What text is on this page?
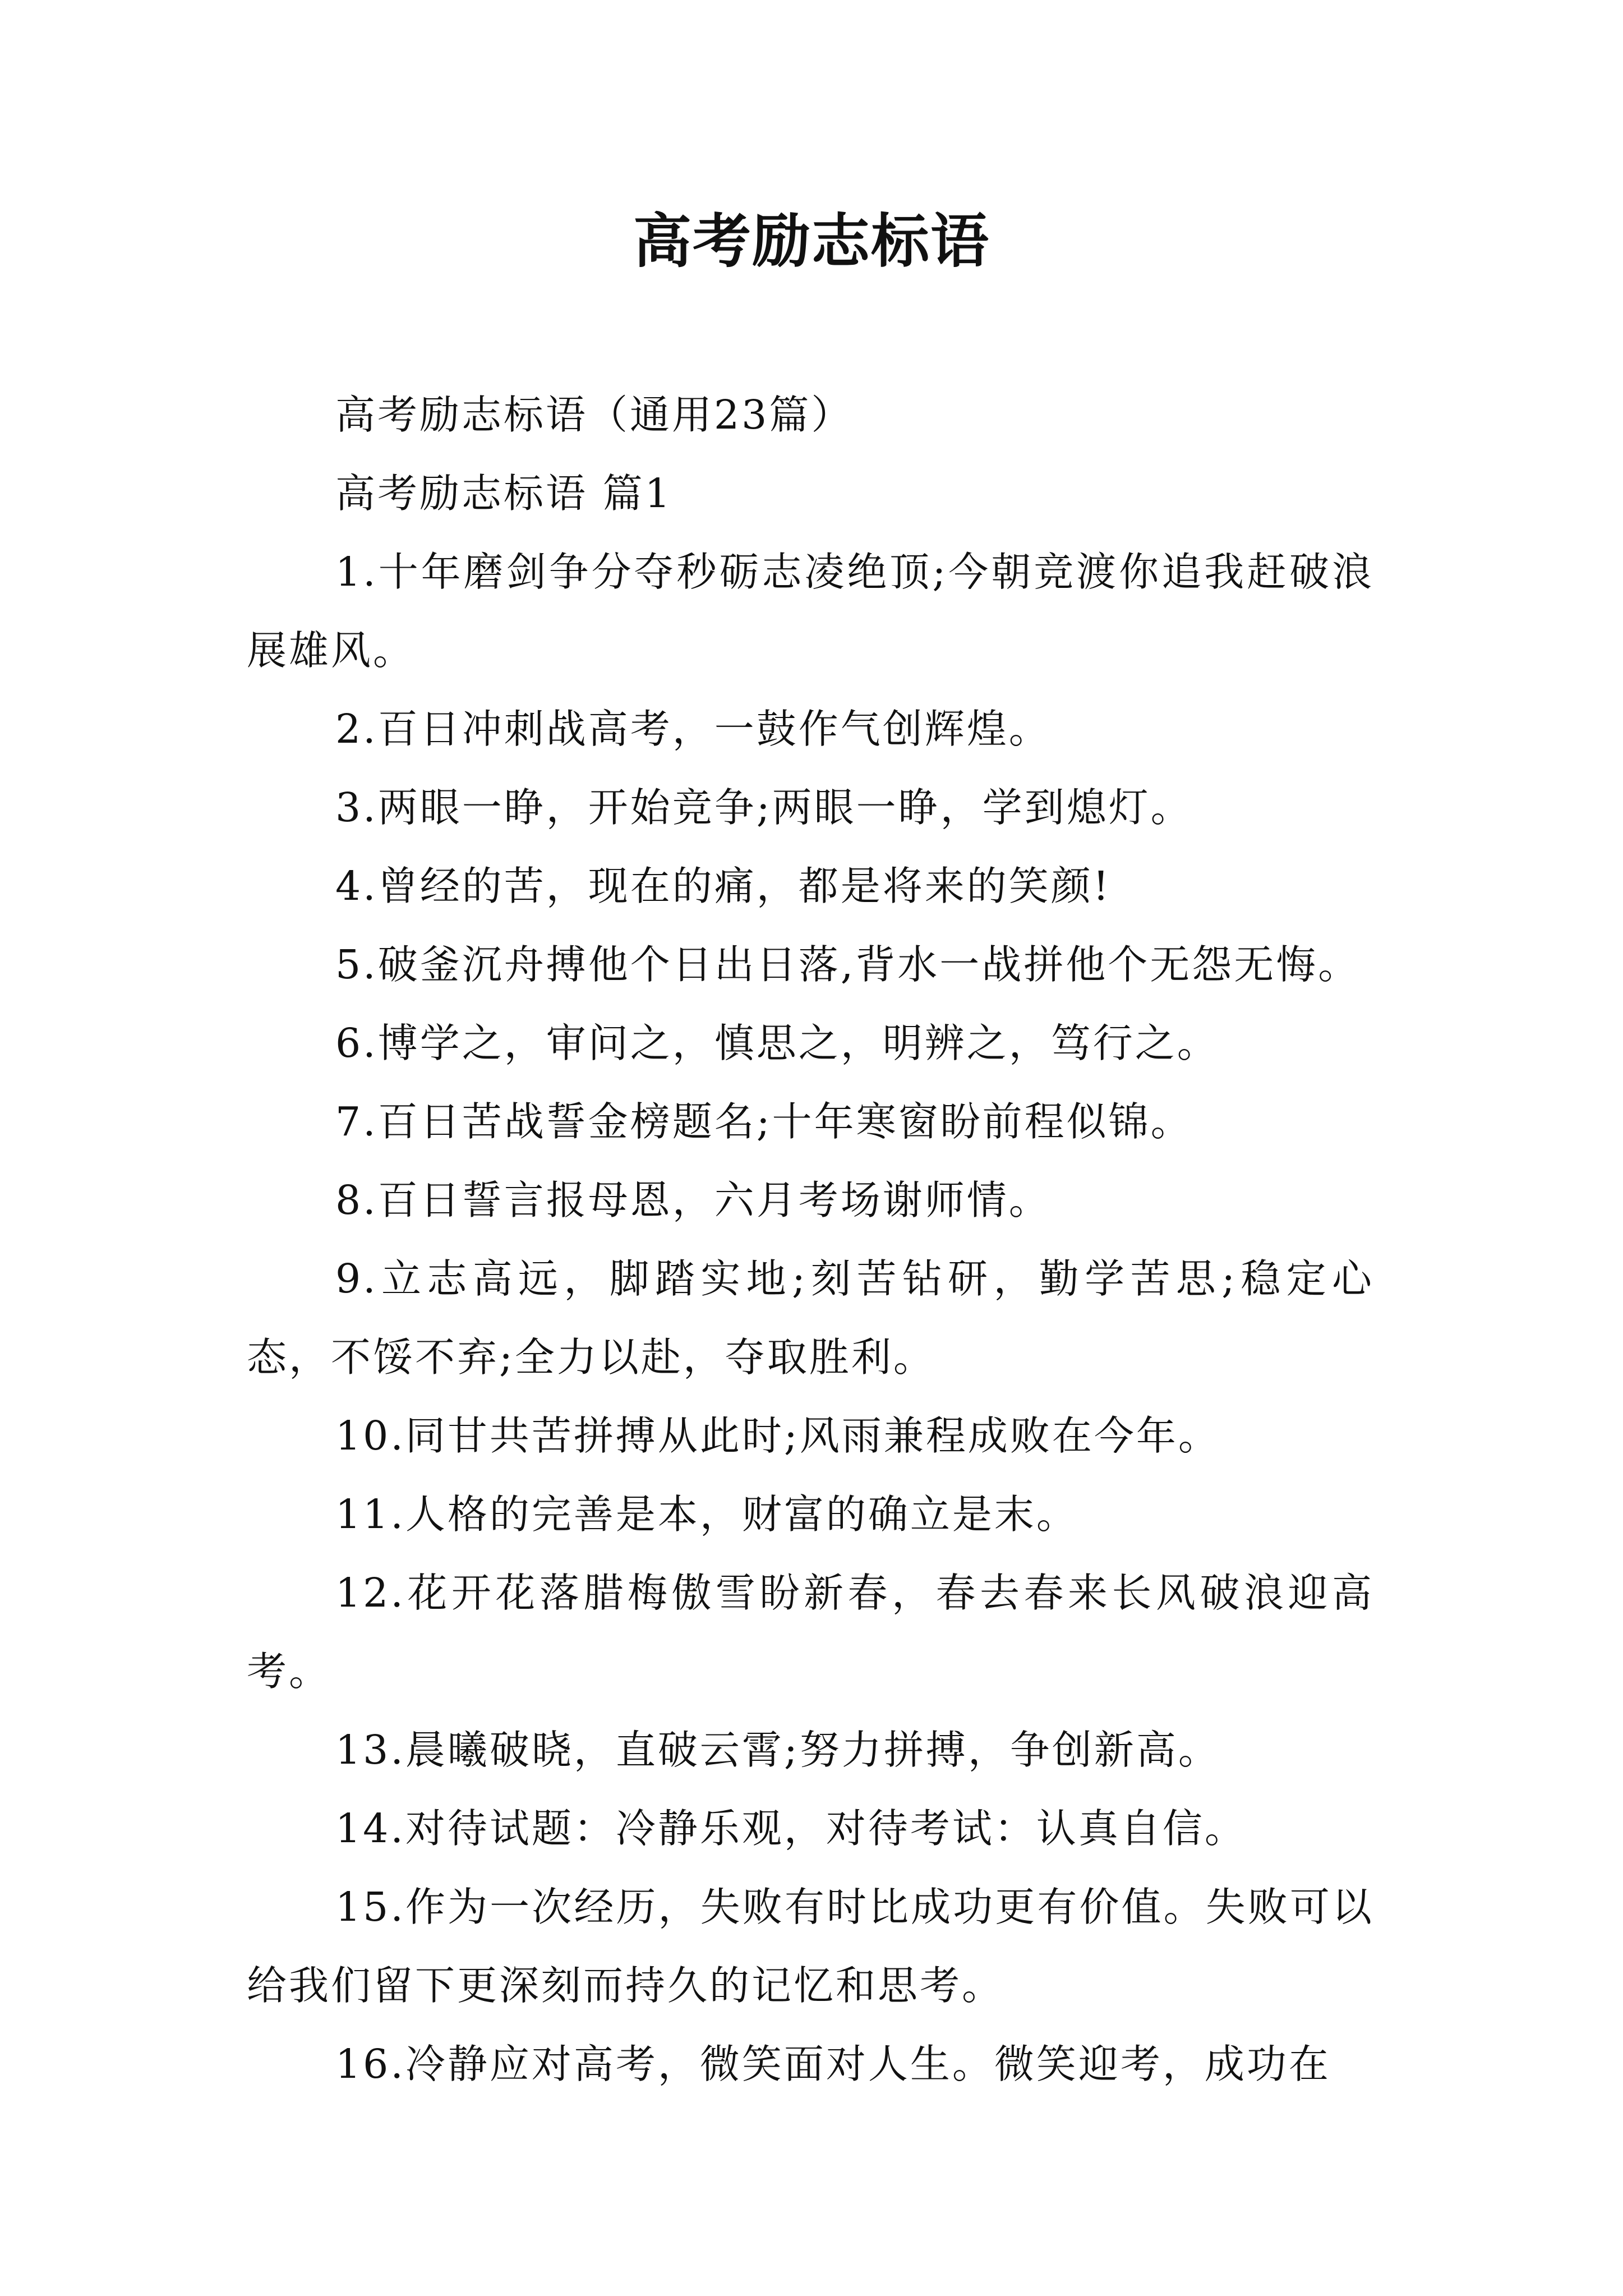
高考励志标语

高考励志标语（通用23篇）

高考励志标语 篇1

1.十年磨剑争分夺秒砺志凌绝顶;今朝竞渡你追我赶破浪展雄风。

2.百日冲刺战高考，一鼓作气创辉煌。

3.两眼一睁，开始竞争;两眼一睁，学到熄灯。

4.曾经的苦，现在的痛，都是将来的笑颜!

5.破釜沉舟搏他个日出日落,背水一战拼他个无怨无悔。

6.博学之，审问之，慎思之，明辨之，笃行之。

7.百日苦战誓金榜题名;十年寒窗盼前程似锦。

8.百日誓言报母恩，六月考场谢师情。

9.立志高远，脚踏实地;刻苦钻研，勤学苦思;稳定心态，不馁不弃;全力以赴，夺取胜利。

10.同甘共苦拼搏从此时;风雨兼程成败在今年。

11.人格的完善是本，财富的确立是末。

12.花开花落腊梅傲雪盼新春，春去春来长风破浪迎高考。

13.晨曦破晓，直破云霄;努力拼搏，争创新高。

14.对待试题：冷静乐观，对待考试：认真自信。

15.作为一次经历，失败有时比成功更有价值。失败可以给我们留下更深刻而持久的记忆和思考。

16.冷静应对高考，微笑面对人生。微笑迎考，成功在
